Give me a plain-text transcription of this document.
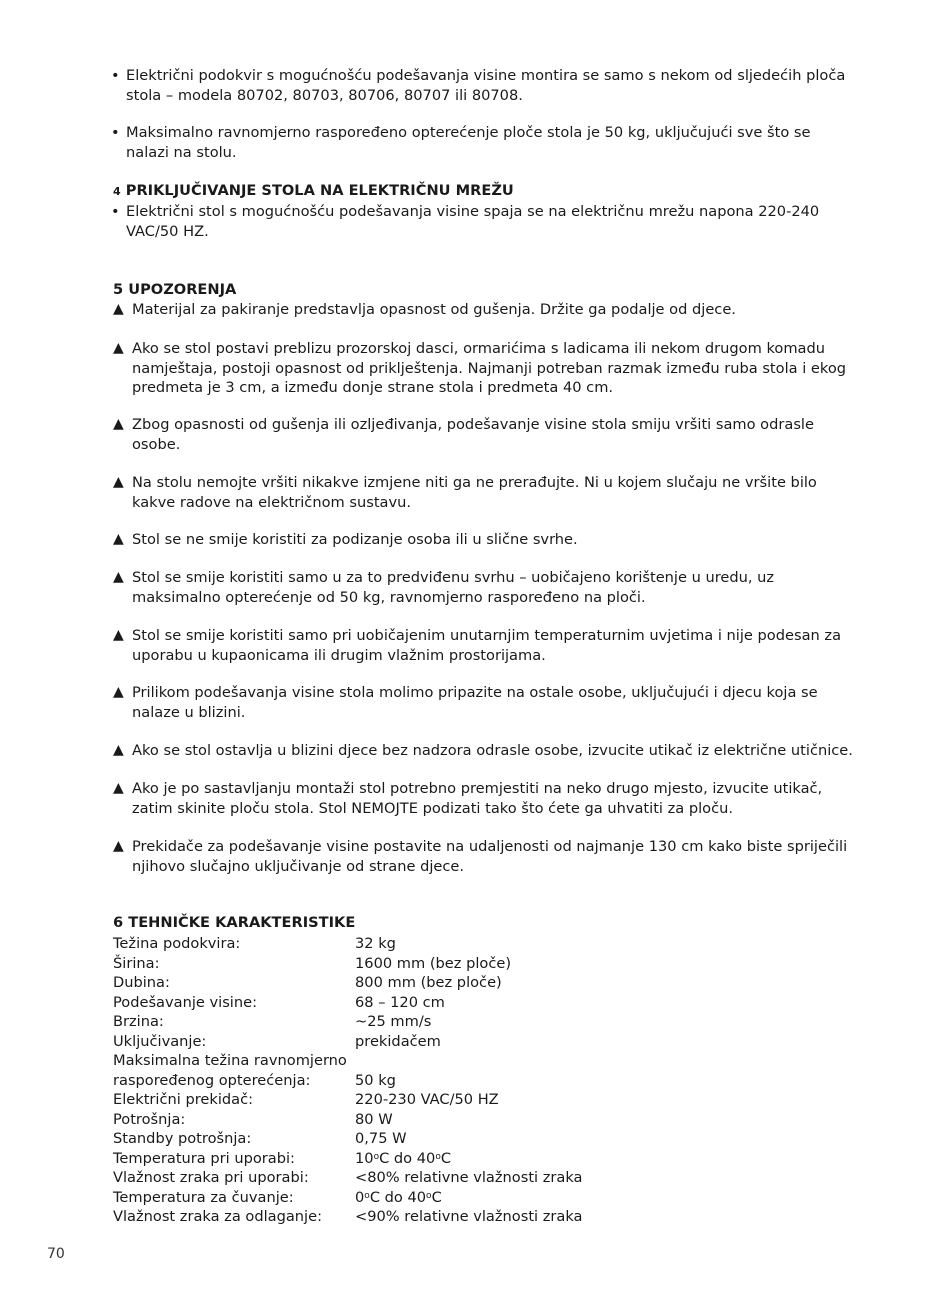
• Električni podokvir s mogućnošću podešavanja visine montira se samo s nekom od sljedećih ploča stola – modela 80702, 80703, 80706, 80707 ili 80708.
• Maksimalno ravnomjerno raspoređeno opterećenje ploče stola je 50 kg, uključujući sve što se nalazi na stolu.
4 PRIKLJUČIVANJE STOLA NA ELEKTRIČNU MREŽU
• Električni stol s mogućnošću podešavanja visine spaja se na električnu mrežu napona 220-240 VAC/50 HZ.
5 UPOZORENJA
▲ Materijal za pakiranje predstavlja opasnost od gušenja. Držite ga podalje od djece.
▲ Ako se stol postavi preblizu prozorskoj dasci, ormarićima s ladicama ili nekom drugom komadu namještaja, postoji opasnost od priklještenja. Najmanji potreban razmak između ruba stola i ekog predmeta je 3 cm, a između donje strane stola i predmeta 40 cm.
▲ Zbog opasnosti od gušenja ili ozljeđivanja, podešavanje visine stola smiju vršiti samo odrasle osobe.
▲ Na stolu nemojte vršiti nikakve izmjene niti ga ne prerađujte. Ni u kojem slučaju ne vršite bilo kakve radove na električnom sustavu.
▲ Stol se ne smije koristiti za podizanje osoba ili u slične svrhe.
▲ Stol se smije koristiti samo u za to predviđenu svrhu – uobičajeno korištenje u uredu, uz maksimalno opterećenje od 50 kg, ravnomjerno raspoređeno na ploči.
▲ Stol se smije koristiti samo pri uobičajenim unutarnjim temperaturnim uvjetima i nije podesan za uporabu u kupaonicama ili drugim vlažnim prostorijama.
▲ Prilikom podešavanja visine stola molimo pripazite na ostale osobe, uključujući i djecu koja se nalaze u blizini.
▲ Ako se stol ostavlja u blizini djece bez nadzora odrasle osobe, izvucite utikač iz električne utičnice.
▲ Ako je po sastavljanju montaži stol potrebno premjestiti na neko drugo mjesto, izvucite utikač, zatim skinite ploču stola. Stol NEMOJTE podizati tako što ćete ga uhvatiti za ploču.
▲ Prekidače za podešavanje visine postavite na udaljenosti od najmanje 130 cm kako biste spriječili njihovo slučajno uključivanje od strane djece.
6 TEHNIČKE KARAKTERISTIKE
Težina podokvira:	32 kg
Širina:	1600 mm (bez ploče)
Dubina:	800 mm (bez ploče)
Podešavanje visine:	68 – 120 cm
Brzina:	~25 mm/s
Uključivanje:	prekidačem
Maksimalna težina ravnomjerno
raspoređenog opterećenja:	50 kg
Električni prekidač:	220-230 VAC/50 HZ
Potrošnja:	80 W
Standby potrošnja:	0,75 W
Temperatura pri uporabi:	10$^o$C do 40$^o$C
Vlažnost zraka pri uporabi:	<80% relativne vlažnosti zraka
Temperatura za čuvanje:	0$^o$C do 40$^o$C
Vlažnost zraka za odlaganje:	<90% relativne vlažnosti zraka
70
